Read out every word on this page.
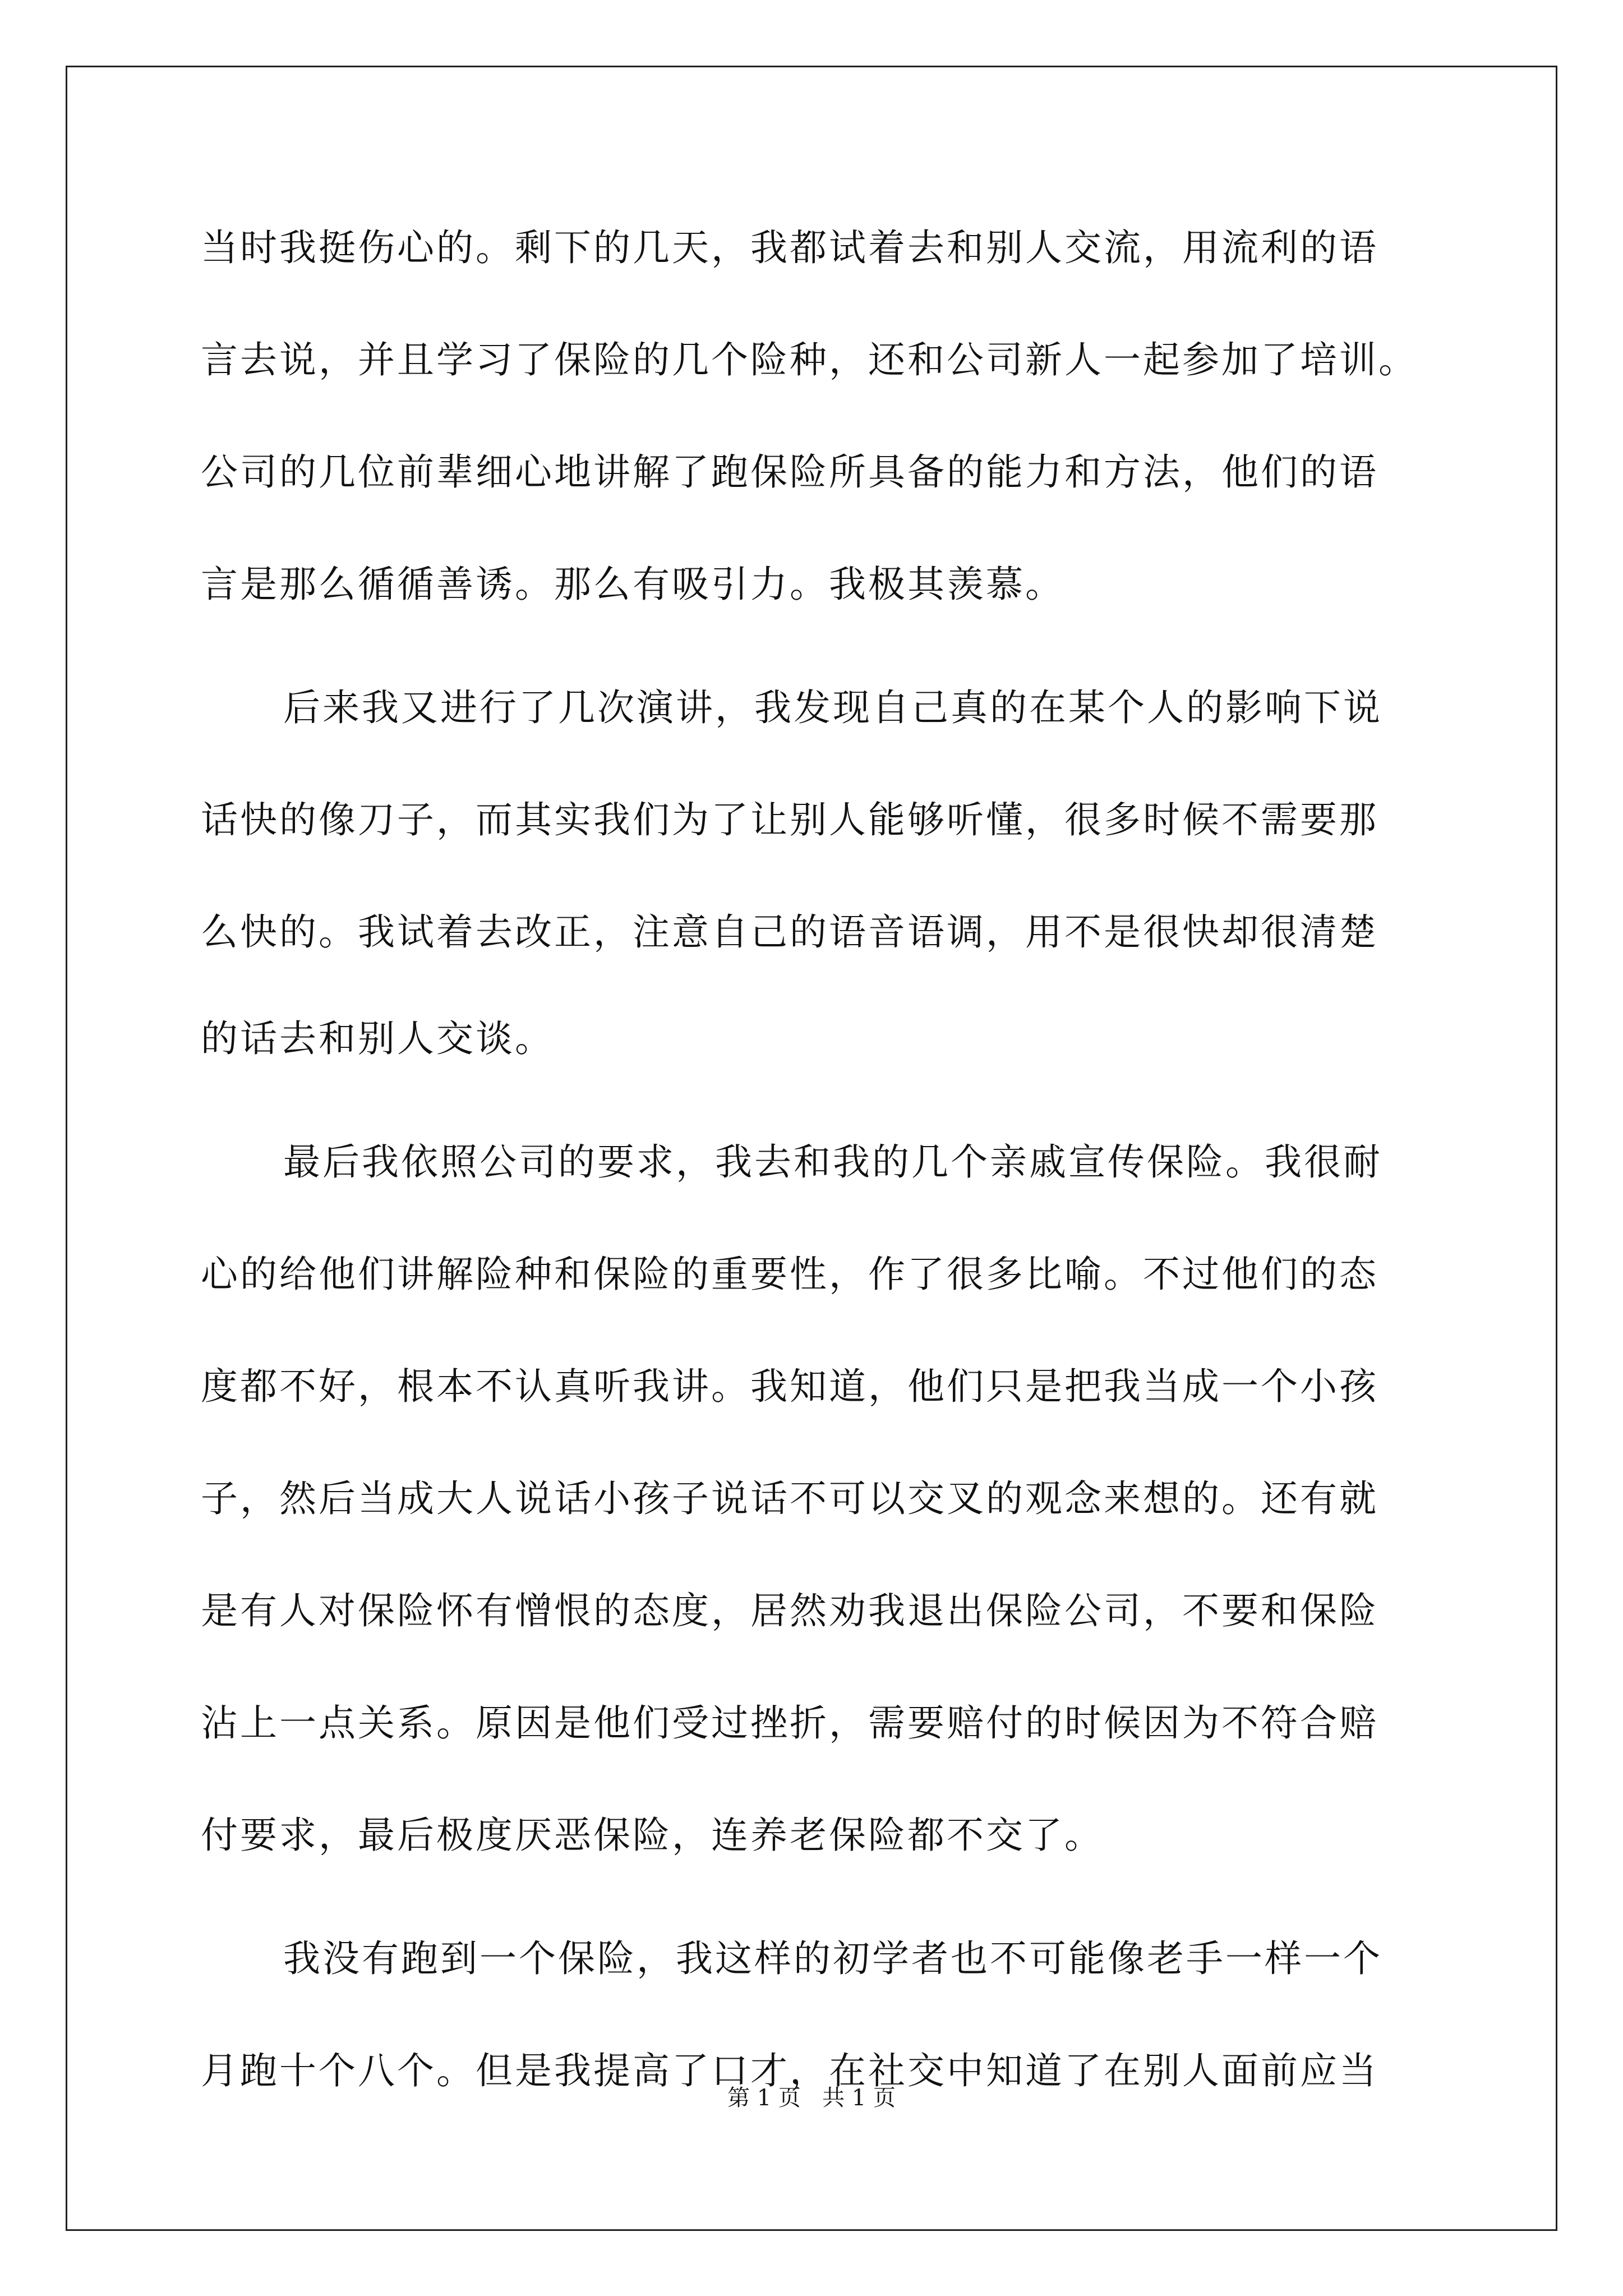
当时我挺伤心的。剩下的几天，我都试着去和别人交流，用流利的语
言去说，并且学习了保险的几个险种，还和公司新人一起参加了培训。
公司的几位前辈细心地讲解了跑保险所具备的能力和方法，他们的语
言是那么循循善诱。那么有吸引力。我极其羡慕。
后来我又进行了几次演讲，我发现自己真的在某个人的影响下说
话快的像刀子，而其实我们为了让别人能够听懂，很多时候不需要那
么快的。我试着去改正，注意自己的语音语调，用不是很快却很清楚
的话去和别人交谈。
最后我依照公司的要求，我去和我的几个亲戚宣传保险。我很耐
心的给他们讲解险种和保险的重要性，作了很多比喻。不过他们的态
度都不好，根本不认真听我讲。我知道，他们只是把我当成一个小孩
子，然后当成大人说话小孩子说话不可以交叉的观念来想的。还有就
是有人对保险怀有憎恨的态度，居然劝我退出保险公司，不要和保险
沾上一点关系。原因是他们受过挫折，需要赔付的时候因为不符合赔
付要求，最后极度厌恶保险，连养老保险都不交了。
我没有跑到一个保险，我这样的初学者也不可能像老手一样一个
月跑十个八个。但是我提高了口才，在社交中知道了在别人面前应当
第 1 页   共 1 页
